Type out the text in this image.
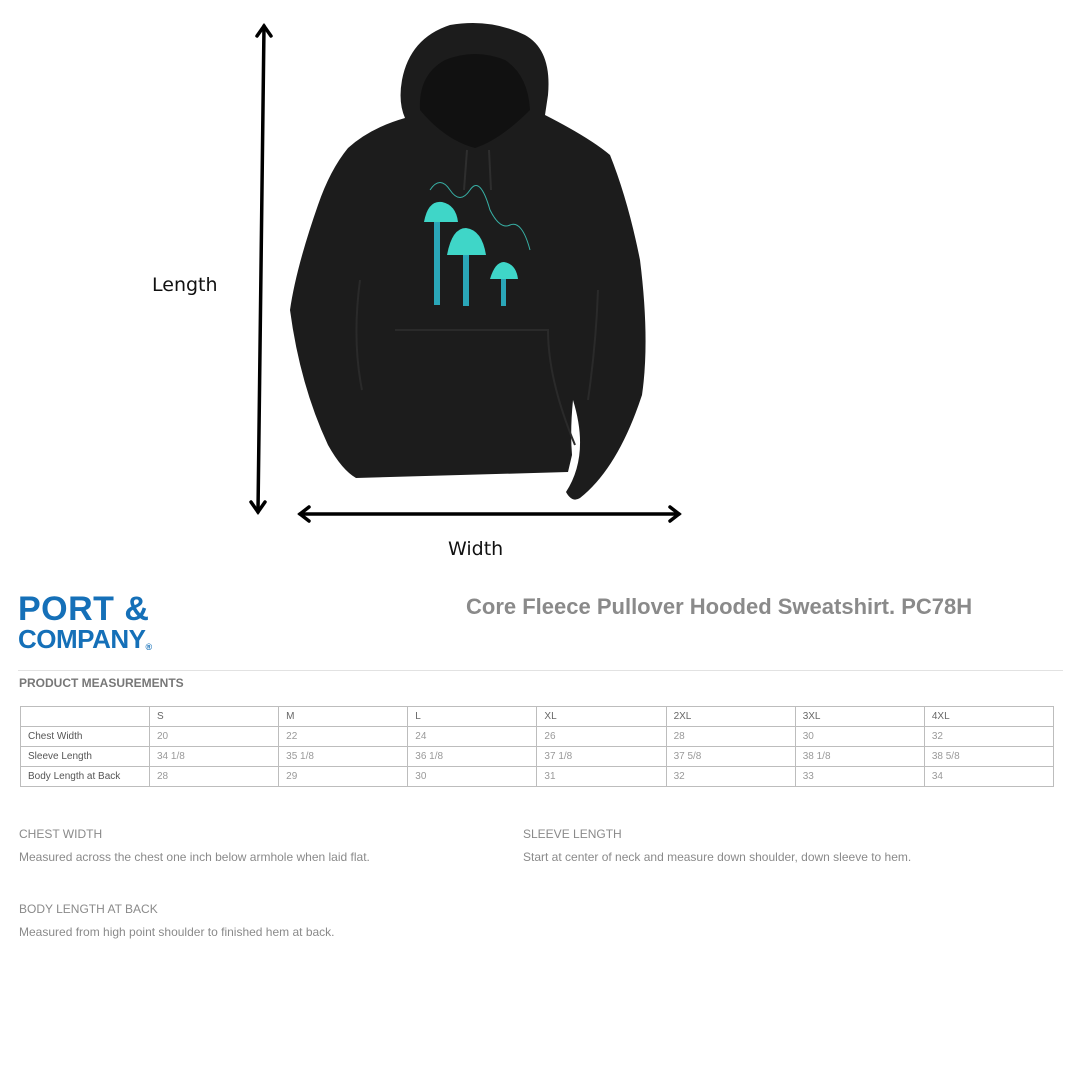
Length
Width
PORT &
COMPANY®
Core Fleece Pullover Hooded Sweatshirt. PC78H
PRODUCT MEASUREMENTS
	S	M	L	XL	2XL	3XL	4XL
Chest Width	20	22	24	26	28	30	32
Sleeve Length	34 1/8	35 1/8	36 1/8	37 1/8	37 5/8	38 1/8	38 5/8
Body Length at Back	28	29	30	31	32	33	34
CHEST WIDTH
Measured across the chest one inch below armhole when laid flat.
SLEEVE LENGTH
Start at center of neck and measure down shoulder, down sleeve to hem.
BODY LENGTH AT BACK
Measured from high point shoulder to finished hem at back.
